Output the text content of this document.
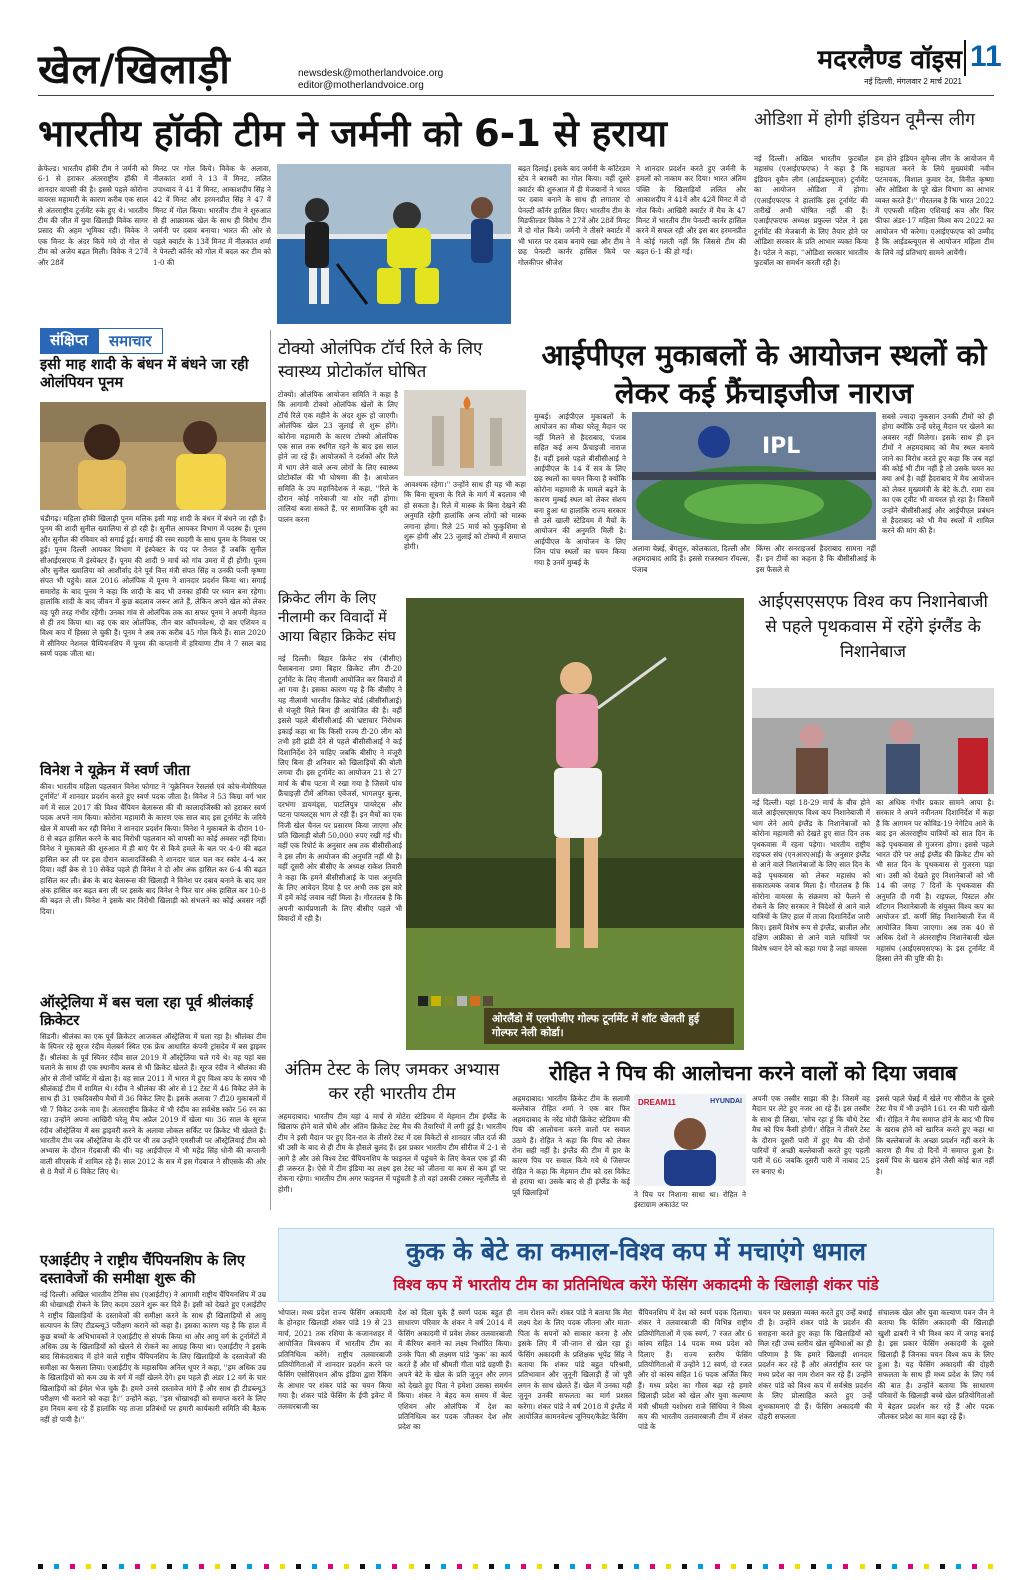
खेल/खिलाड़ी	newsdesk@motherlandvoice.org
editor@motherlandvoice.org
मदरलैण्ड वॉइस 11
नई दिल्ली, मंगलवार 2 मार्च 2021
भारतीय हॉकी टीम ने जर्मनी को 6-1 से हराया
क्रेफेल्ड। भारतीय हॉकी टीम ने जर्मनी को 6-1 से हराकर अंतरराष्ट्रीय हॉकी में शानदार वापसी की है। इससे पहले कोरोना वायरस महामारी के कारण करीब एक साल से अंतरराष्ट्रीय टूर्नामेंट रुके हुए थे। भारतीय टीम की जीत में युवा खिलाड़ी विवेक सागर प्रसाद की अहम भूमिका रही। विवेक ने एक मिनट के अंदर किये गये दो गोल से टीम को अजेय बढ़त मिली। विवेक ने 27वें और 28वें
मिनट पर गोल किये। विवेक के अलावा, नीलकांत शर्मा ने 13 वें मिनट, ललित उपाध्याय ने 41 वें मिनट, आकाशदीप सिंह ने 42 वें मिनट और हरमनप्रीत सिंह ने 47 वें मिनट में गोल किया। भारतीय टीम ने शुरुआत से ही आक्रामक खेल के साथ ही विरोध टीम जर्मनी पर दबाव बनाया। भारत की ओर से पहले क्वार्टर के 13वें मिनट में नीलकांत शर्मा ने पेनल्टी कॉर्नर को गोल में बदल कर टीम को 1-0 की
बढ़त दिलाई। इसके बाद जर्मनी के कॉटेरडम स्टेव ने बराबरी का गोल किया। वहीं दूसरे क्वार्टर की शुरुआत में ही मेजबानों ने भारत पर दबाव बनाने के साथ ही लगातार दो पेनल्टी कॉर्नर हासिल किए। भारतीय टीम के मिडफील्डर विवेक ने 27वें और 28वें मिनट में दो गोल किये। जर्मनी ने तीसरे क्वार्टर में भी भारत पर दबाव बनाये रखा और टीम ने छह पेनल्टी कार्नर हासिल किये पर गोलकीपर श्रीजेश
ने शानदार प्रदर्शन करते हुए जर्मनी के हमलों को नाकाम कर दिया। भारत अंतिम पंक्ति के खिलाड़ियों ललित और आकाशदीप ने 41वें और 42वें मिनट में दो गोल किये। आखिरी क्वार्टर में मैच के 47 मिनट में भारतीय टीम पेनल्टी कार्नर हासिल करने में सफल रही और इस बार हरमनप्रीत ने कोई गलती नहीं कि जिससे टीम की बढ़त 6-1 की हो गई।
ओडिशा में होगी इंडियन वूमैन्स लीग
नई दिल्ली। अखिल भारतीय फुटबॉल महासंघ (एआईएफएफ) ने कहा है कि इंडियन वूमैन लीग (आईडब्ल्यूएल) टूर्नामेंट का आयोजन ओडिशा में होगा। (एआईएफएफ ने हालांकि इस टूर्नामेंट की तारीखें अभी घोषित नहीं की हैं। एआईएफएफ अध्यक्ष प्रफुल्ल पटेल ने इस टूर्नामेंट की मेजबानी के लिए तैयार होने पर ओडिशा सरकार के प्रति आभार व्यक्त किया है। पटेल ने कहा, ''ओडिशा सरकार भारतीय फुटबॉल का समर्थन करती रही है।
हम होने इंडियन वूमैन्स लीग के आयोजन में सहायता करने के लिये मुख्यमंत्री नवीन पटनायक, विशाल कुमार देव, विनीत कृष्णा और ओडिशा के पूरे खेल विभाग का आभार व्यक्त करते हैं।'' गौरतलब है कि भारत 2022 में एएफसी महिला एशियाई कप और फिर फीफा अंडर-17 महिला विश्व कप 2022 का आयोजन भी करेगा। एआईएफएफ को उम्मीद है कि आईडब्ल्यूएल से आयोजन महिला टीम के लिये नई प्रतिभाएं सामने आयेंगी।
संक्षिप्त	समाचार
इसी माह शादी के बंधन में बंधने जा रही ओलंपियन पूनम
चंडीगढ़। महिला हॉकी खिलाड़ी पूनम मलिक इसी माह शादी के बंधन में बंधने जा रही हैं। पूनम की शादी सुनील ख्यालिया से हो रही है। सुनील आयकर विभाग में पदस्थ हैं। पूनम और सुनील की रविवार को सगाई हुई। सगाई की रस्म सादगी के साथ पूनम के निवास पर हुई। पूनम दिल्ली आयकर विभाग में इंस्पेक्टर के पद पर तैनात हैं जबकि सुनील सीआईएसएफ में इंस्पेक्टर हैं। पूनम की शादी 9 मार्च को गांव उमरा में ही होगी। पूनम और सुनील ख्यालिया को आशीर्वाद देने पूर्व वित्त मंत्री संपत सिंह व उनकी पत्नी कृष्णा संपत भी पहुंचे। साल 2016 ओलंपिक में पूनम ने शानदार प्रदर्शन किया था। सगाई समारोह के बाद पूनम ने कहा कि शादी के बाद भी उनका हॉकी पर ध्यान बना रहेगा। हालांकि शादी के बाद जीवन में कुछ बदलाव जरूर आते हैं, लेकिन अपने खेल को लेकर वह पूरी तरह गंभीर रहेंगी। उनका गांव से ओलंपिक तक का सफर पूनम ने अपनी मेहनत से ही तय किया था। वह एक बार ओलंपिक, तीन बार कॉमनवेल्थ, दो बार एशियन व विश्व कप में हिस्सा ले चुकी हैं। पूनम ने अब तक करीब 45 गोल किये हैं। साल 2020 में सीनियर नेशनल चैम्पियनशिप में पूनम की कप्तानी में हरियाणा टीम ने 7 साल बाद स्वर्ण पदक जीता था।
विनेश ने यूक्रेन में स्वर्ण जीता
कीव। भारतीय महिला पहलवान विनेश फोगाट ने 'यूक्रेनियन रेसलर्स एवं कोच-मेमोरियल टूर्नामेंट' में शानदार प्रदर्शन करते हुए स्वर्ण पदक जीता है। विनेश ने 53 किग्रा वर्ग भार वर्ग में साल 2017 की विश्व चैंपियन बेलारूस की वी कालादजिंस्की को हराकर स्वर्ण पदक अपने नाम किया। कोरोना महामारी के कारण एक साल बाद इस टूर्नामेंट के जरिये खेल में वापसी कर रही विनेश ने शानदार प्रदर्शन किया। विनेश ने मुकाबले के दौरान 10-8 से बढ़त हासिल करने के बाद विरोधी पहलवान को वापसी का कोई अवसर नहीं दिया। विनेश ने मुकाबले की शुरुआत में ही बाएं पैर से किये हमले के बल पर 4-0 की बढ़त हासिल कर ली पर इस दौरान कालादजिंस्की ने शानदार चाल चल कर स्कोर 4-4 कर दिया। वहीं ब्रेक से 10 सेकेंड पहले ही विनेश ने दो और अंक हासिल कर 6-4 की बढ़त हासिल कर ली। ब्रेक के बाद बेलारूस की खिलाड़ी ने विनेश पर दबाव बनाने के बाद चार अंक हासिल कर बढ़त बना ली पर इसके बाद विनेश ने फिर चार अंक हासिल कर 10-8 की बढ़त ले ली। विनेश ने इसके बार विरोधी खिलाड़ी को संभलने का कोई अवसर नहीं दिया।
ऑस्ट्रेलिया में बस चला रहा पूर्व श्रीलंकाई क्रिकेटर
सिडनी। श्रीलंका का एक पूर्व क्रिकेटर आजकल ऑस्ट्रेलिया में चला रहा है। श्रीलंका टीम के स्पिनर रहे सूरज रंदीव मेलबर्न स्थित एक फ्रेंच आधारित कंपनी ट्रांसदेव में बस ड्राइवर हैं। श्रीलंका के पूर्व स्पिनर रंदीव साल 2019 में ऑस्ट्रेलिया चले गये थे। वह यहां बस चलाने के साथ ही एक स्थानीय क्लब से भी क्रिकेट खेलते हैं। सूरज रंदीव ने श्रीलंका की ओर से तीनों फॉर्मेट में खेला है। वह साल 2011 में भारत में हुए विश्व कप के समय भी श्रीलंकाई टीम में शामिल थे। रंदीव ने श्रीलंका की ओर से 12 टेस्ट में 46 विकेट लेने के साथ ही 31 एकदिवसीय मैचों में 36 विकेट लिए हैं। इसके अलावा 7 टी20 मुकाबलों में भी 7 विकेट उनके नाम हैं। अंतरराष्ट्रीय क्रिकेट में भी रंदीव का सर्वश्रेष्ठ स्कोर 56 रन का रहा। उन्होंने अपना आखिरी घरेलू मैच अप्रैल 2019 में खेला था। 36 साल के सूरज रंदीव ऑस्ट्रेलिया में बस ड्राइवरी करने के अलावा लोकल सर्किट पर क्रिकेट भी खेलते हैं। भारतीय टीम जब ऑस्ट्रेलिया के दौरे पर थी तब उन्होंने एमसीजी पर ऑस्ट्रेलियाई टीम को अभ्यास के दौरान गेंदबाजी की थी। वह आईपीएल में भी महेंद्र सिंह धोनी की कप्तानी वाली सीएसके में शामिल रहे हैं। साल 2012 के सत्र में इस गेंदबाज ने सीएसके की ओर से 8 मैचों में 6 विकेट लिए थे।
एआईटीए ने राष्ट्रीय चैंपियनशिप के लिए दस्तावेजों की समीक्षा शुरू की
नई दिल्ली। अखिल भारतीय टेनिस संघ (एआईटीए) ने आगामी राष्ट्रीय चैंपियनशिप में उम्र की धोखाधड़ी रोकने के लिए कदम उठाने शुरू कर दिये हैं। इसी को देखते हुए एआईटीए ने राष्ट्रीय खिलाड़ियों के दस्तावेजों की समीक्षा करने के साथ ही खिलाड़ियों से आयु सत्यापन के लिए टीडब्ल्यू3 परीक्षण कराने को कहा है। इसका कारण यह है कि हाल में कुछ बच्चों के अभिभावकों ने एआईटीए से संपर्क किया था और आयु वर्ग के टूर्नामेंटों में अधिक उम्र के खिलाड़ियों को खेलने से रोकने का आग्रह किया था। एआईटीए ने इसके बाद सिकंदराबाद में होने वाले राष्ट्रीय चैंपियनशिप के लिए खिलाड़ियों के दस्तावेजों की समीक्षा का फैसला लिया। एआईटीए के महासचिव अनिल धूपर ने कहा, ''हम अधिक उम्र के खिलाड़ियों को कम उम्र के वर्ग में नहीं खेलने देंगे। हम पहले ही अंडर 12 वर्ग के चार खिलाड़ियों को ईमेल भेज चुके हैं। हमने उनसे दस्तावेज मांगे हैं और साथ ही टीडब्ल्यू3 परीक्षण भी कराने को कहा है।'' उन्होंने कहा, ''इस धोखाधड़ी को समाप्त करने के लिए हम नियम बना रहे हैं हालांकि यह ताजा प्रतिबंधों पर हमारी कार्यकारी समिति की बैठक नहीं हो पायी है।''
टोक्यो ओलंपिक टॉर्च रिले के लिए स्वास्थ्य प्रोटोकॉल घोषित
टोक्यो। ओलंपिक आयोजन समिति ने कहा है कि आगामी टोक्यो ओलंपिक खेलों के लिए टॉर्च रिले एक महीने के अंदर शुरू हो जाएगी। ओलंपिक खेल 23 जुलाई से शुरू होंगे। कोरोना महामारी के कारण टोक्यो ओलंपिक एक साल तक स्थगित रहने के बाद इस साल होने जा रहे हैं। आयोजकों ने दर्शकों और रिले में भाग लेने वाले अन्य लोगों के लिए स्वास्थ्य प्रोटोकॉल की भी घोषणा की है। आयोजन समिति के उप महानिदेशक ने कहा, ''रिले के दौरान कोई नारेबाजी या शोर नहीं होगा। तालियां बजा सकते हैं, पर सामाजिक दूरी का पालन करना
आवश्यक रहेगा।'' उन्होंने साथ ही यह भी कहा कि बिना सूचना के रिले के मार्ग में बदलाव भी हो सकता है। रिले में मास्क के बिना देखने की अनुमति रहेगी हालांकि अन्य लोगों को मास्क लगाना होगा। रिले 25 मार्च को फुकुशिमा से शुरू होगी और 23 जुलाई को टोक्यो में समाप्त होगी।
आईपीएल मुकाबलों के आयोजन स्थलों को लेकर कई फ्रैंचाइजीज नाराज
मुम्बई। आईपीएल मुकाबलों के आयोजन का मौका घरेलू मैदान पर नहीं मिलने से हैदराबाद, पंजाब सहित कई अन्य फ्रैंचाइजी नाराज हैं। वहीं इससे पहले बीसीसीआई ने आईपीएल के 14 वें सत्र के लिए छह स्थलों का चयन किया है क्योंकि कोरोना महामारी के मामले बढ़ने के कारण मुम्बई स्थल को लेकर संशय बना हुआ था हालांकि राज्य सरकार से उसे खाली स्टेडियम में मैचों के आयोजन की अनुमति मिली है। आईपीएल के आयोजन के लिए जिन पांच स्थलों का चयन किया गया है उनमें मुम्बई के
IPL
अलावा चेन्नई, बेंगलुरु, कोलकाता, दिल्ली और अहमदाबाद आदि हैं। इससे राजस्थान रॉयल्स, पंजाब
किंग्स और सनराइजर्स हैदराबाद सामना नहीं हैं। इन टीमों का कहना है कि बीसीसीआई के इस फैसले से
सबसे ज्यादा नुकसान उनकी टीमों को ही होगा क्योंकि उन्हें घरेलू मैदान पर खेलने का अवसर नहीं मिलेगा। इसके साथ ही इन टीमों ने अहमदाबाद को मैच स्थल बनाये जाने का विरोध करते हुए कहा कि जब वहां की कोई भी टीम नहीं है तो उसके चयन का क्या अर्थ है। वहीं हैदराबाद में मैच आयोजन को लेकर मुख्यमंत्री के बेटे के.टी. रामा राव का एक ट्वीट भी वायरल हो रहा है। जिसमें उन्होंने बीसीसीआई और आईपीएल प्रबंधन से हैदराबाद को भी मैच स्थलों में शामिल करने की मांग की है।
क्रिकेट लीग के लिए नीलामी कर विवादों में आया बिहार क्रिकेट संघ
नई दिल्ली। बिहार क्रिकेट संघ (बीसीए) पैसाबनाना प्रणा बिहार क्रिकेट लीग टी-20 टूर्नामेंट के लिए नीलामी आयोजित कर विवादों में आ गया है। इसका कारण यह है कि बीसीए ने यह नीलामी भारतीय क्रिकेट बोर्ड (बीसीसीआई) से मंजूरी मिले बिना ही आयोजित की है। वहीं इससे पहले बीसीसीआई की भ्रष्टाचार निरोधक इकाई कहा था कि किसी राज्य टी-20 लीग को तभी हरी झंडी देने से पहले बीसीसीआई ने कई दिशानिर्देश देने चाहिए जबकि बीसीए ने मंजूरी लिए बिना ही शनिवार को खिलाड़ियों की बोली लगवा दी। इस टूर्नामेंट का आयोजन 21 से 27 मार्च के बीच पटना में रखा गया है जिसमें पांच फ्रैंचाइज़ी टीमें अंगिका एवेंजर्स, भागलपुर बुल्स, दरभंगा डायमंड्स, पाटलिपुत्र पायरेट्स और पटना पायलट्स भाग ले रही हैं। इन मैचों का एक निजी खेल चैनल पर प्रसारण किया जाएगा और प्रति खिलाड़ी बोली 50,000 रुपए रखी गई थी। वहीं एक रिपोर्ट के अनुसार अब तक बीसीसीआई ने इस लीग के आयोजन की अनुमति नहीं थी है। वहीं दूसरी ओर बीसीए के अध्यक्ष राकेश तिवारी ने कहा कि हमने बीसीसीआई के पास अनुमति के लिए आवेदन दिया है पर अभी तक इस बारे में हमें कोई जवाब नहीं मिला है। गौरतलब है कि अपनी कार्यप्रणाली के लिए बीसीए पहले भी विवादों में रही है।
ओरलैंडो में एलपीजीए गोल्फ टूर्नामेंट में शॉट खेलती हुई गोल्फर नेली कोर्डा।
आईएसएसएफ विश्व कप निशानेबाजी से पहले पृथकवास में रहेंगे इंग्लैंड के निशानेबाज
नई दिल्ली। यहां 18-29 मार्च के बीच होने वाले आईएसएसएफ विश्व कप निशानेबाजी में भाग लेने आये इंग्लैंड के निशानेबाजों को कोरोना महामारी को देखते हुए सात दिन तक पृथकवास में रहना पड़ेगा। भारतीय राष्ट्रीय राइफल संघ (एनआरएआई) के अनुसार इंग्लैंड से आने वाले निशानेबाजों के लिए सात दिन के कड़े पृथकवास को लेकर महासंघ को सकारात्मक जवाब मिला है। गौरतलब है कि कोरोना वायरस के संक्रमण को फैलने से रोकने के लिए सरकार ने विदेशों से आने वाले यात्रियों के लिए हाल में ताजा दिशानिर्देश जारी किए। इसमें विशेष रूप से इंग्लैंड, ब्राजील और दक्षिण अफ्रीका से आने वाले यात्रियों पर विशेष ध्यान देने को कहा गया है जहां वायरस
का अधिक गंभीर प्रकार सामने आया है। सरकार ने अपने नवीनतम दिशानिर्देश में कहा है कि आगमन पर कोविड-19 नेगेटिव आने के बाद इन अंतरराष्ट्रीय यात्रियों को सात दिन के कड़े पृथकवास से गुजरना होगा। इससे पहले भारत दौरे पर आई इंग्लैंड की क्रिकेट टीम को भी सात दिन के पृथकवास से गुजरना पड़ा था। उसी को देखते हुए निशानेबाजों को भी 14 की जगह 7 दिनों के पृथकवास की अनुमति दी गयी है। राइफल, पिस्टल और शॉटगन निशानेबाजी के संयुक्त विश्व कप का आयोजन डॉ. कर्णी सिंह निशानेबाजी रेंज में आयोजित किया जाएगा। अब तक 40 से अधिक देशों ने अंतरराष्ट्रीय निशानेबाजी खेल महासंघ (आईएसएसएफ) के इस टूर्नामेंट में हिस्सा लेने की पुष्टि की है।
अंतिम टेस्ट के लिए जमकर अभ्यास कर रही भारतीय टीम
अहमदाबाद। भारतीय टीम यहां 4 मार्च से मोटेरा स्टेडियम में मेहमान टीम इंग्लैंड के खिलाफ होने वाले चौथे और अंतिम क्रिकेट टेस्ट मैच की तैयारियों में लगी हुई है। भारतीय टीम ने इसी मैदान पर हुए दिन-रात के तीसरे टेस्ट में दस विकेटों से शानदार जीत दर्ज की थी उसी के बाद से ही टीम के हौसले बुलंद हैं। इस प्रकार भारतीय टीम सीरीज में 2-1 से आगे है और उसे विश्व टेस्ट चैंपियनशिप के फाइनल में पहुंचने के लिए केवल एक ड्रॉ की ही जरूरत है। ऐसे में टीम इंडिया का लक्ष्य इस टेस्ट को जीतना या कम से कम ड्रॉ पर रोकना रहेगा। भारतीय टीम अगर फाइनल में पहुंचती है तो वहां उसकी टक्कर न्यूजीलैंड से होगी।
रोहित ने पिच की आलोचना करने वालों को दिया जवाब
अहमदाबाद। भारतीय क्रिकेट टीम के सलामी बल्लेबाज रोहित शर्मा ने एक बार फिर अहमदाबाद के नरेंद्र मोदी क्रिकेट स्टेडियम की पिच की आलोचना करने वालों पर सवाल उठाये हैं। रोहित ने कहा कि पिच को लेकर रोना सही नहीं है। इंग्लैंड की टीम में हार के कारण पिच पर सवाल किये गये थे जिसपर रोहित ने कहा कि मेहमान टीम को दस विकेट से हराया था। उसके बाद से ही इंग्लैंड के कई पूर्व खिलाड़ियों
DREAM11	HYUNDAI
ने पिच पर निशाना साधा था। रोहित ने इंस्टाग्राम अकाउंट पर
अपनी एक तस्वीर साझा की है। जिसमें वह मैदान पर लेटे हुए नजर आ रहे हैं। इस तस्वीर के साथ ही लिखा, 'सोच रहा हूं कि चौथे टेस्ट मैच को पिच कैसी होगी।' रोहित ने तीसरे टेस्ट के दौरान दूसरी पारी में हुए मैच की दोनों पारियों में अच्छी बल्लेबाजी करते हुए पहली पारी में 66 जबकि दूसरी पारी में नाबाद 25 रन बनाए थे।
इससे पहले चेन्नई में खेले गए सीरीज के दूसरे टेस्ट मैच में भी उन्होंने 161 रन की पारी खेली थी। रोहित ने मैच समाप्त होने के बाद भी पिच के खराब होने को खारिज करते हुए कहा था कि बल्लेबाजों के अच्छा प्रदर्शन नहीं करने के कारण ही मैच दो दिनों में समाप्त हुआ है। इसमें पिच के खराब होने जैसी कोई बात नहीं है।
कुक के बेटे का कमाल-विश्व कप में मचाएंगे धमाल
विश्व कप में भारतीय टीम का प्रतिनिधित्व करेंगे फेंसिंग अकादमी के खिलाड़ी शंकर पांडे
भोपाल। मध्य प्रदेश राज्य फेंसिंग अकादमी के होनहार खिलाड़ी शंकर पांडे 19 से 23 मार्च, 2021 तक रशिया के कजानशहर में आयोजित विश्वकप में भारतीय टीम का प्रतिनिधित्व करेंगे। राष्ट्रीय तलवारबाजी प्रतियोगिताओं में शानदार प्रदर्शन करने पर फेंसिंग एसोसिएशन ऑफ इंडिया द्वारा रैंकिंग के आधार पर शंकर पांडे का चयन किया गया है। शंकर पांडे फेंसिंग के ईपी इवेन्ट में तलवारबाजी का
देश को दिला चुके हैं स्वर्ण पदक बहुत ही साधारण परिवार के शंकर ने वर्ष 2014 में फेंसिंग अकादमी में प्रवेश लेकर तलवारबाजी में कॅरियर बनाने का लक्ष्य निर्धारित किया। उनके पिता श्री लक्ष्मण पांडे 'कुक' का कार्य करते हैं और माँ श्रीमती गीता पांडे ग्रहणी हैं। अपने बेटे के खेल के प्रति जुनून और लगन को देखते हुए पिता ने हमेशा उसका समर्थन किया। शंकर ने बेहद कम समय में बेल्ट एशियन और ओलंपिक में देश का प्रतिनिधित्व कर पदक जीतकर देश और प्रदेश का
नाम रोशन करें। शंकर पांडे ने बताया कि मेरा लक्ष्य देश के लिए पदक जीतना और माता-पिता के सपनों को साकार करना है और इसके लिए मैं जी-जान से खेल रहा हूं। फेंसिंग अकादमी के प्रशिक्षक भूपेंद्र सिंह ने बताया कि शंकर पांडे बहुत परिश्रमी, प्रतिभावान और जुनूनी खिलाड़ी हैं जो पूरी लगन के साथ खेलते हैं। खेल में उनका यही जुनून उनकी सफलता का मार्ग प्रशस्त करेगा। शंकर पांडे ने वर्ष 2018 में इंग्लैंड में आयोजित कामनवेल्थ जूनियर/कैडेट फेंसिंग
चैंपियनशिप में देश को स्वर्ण पदक दिलाया। शंकर ने तलवारबाजी की विभिन्न राष्ट्रीय प्रतियोगिताओं में एक स्वर्ण, 7 रजत और 6 कांस्य सहित 14 पदक मध्य प्रदेश को दिलाए हैं। राज्य स्तरीय फेंसिंग प्रतियोगिताओं में उन्होंने 12 स्वर्ण, दो रजत और दो कांस्य सहित 16 पदक अर्जित किए हैं। मध्य प्रदेश का गौरव बढ़ा रहे हमारे खिलाड़ी प्रदेश को खेल और युवा कल्याण मंत्री श्रीमती यशोधरा राजे सिंधिया ने विश्व कप की भारतीय तलवारबाजी टीम में शंकर पांडे के
चयन पर प्रसन्नता व्यक्त करते हुए उन्हें बधाई दी है। उन्होंने शंकर पांडे के प्रदर्शन की सराहना करते हुए कहा कि खिलाड़ियों को मिल रही उच्च स्तरीय खेल सुविधाओं का ही परिणाम है कि हमारे खिलाड़ी शानदार प्रदर्शन कर रहे हैं और अंतर्राष्ट्रीय स्तर पर मध्य प्रदेश का नाम रोशन कर रहे हैं। उन्होंने शंकर पांडे को विश्व कप में सर्वश्रेष्ठ प्रदर्शन के लिए प्रोत्साहित करते हुए उन्हें शुभकामनाएं दी हैं। फेंसिंग अकादमी की दोहरी सफलता
संचालक खेल और युवा कल्याण पवन जैन ने बताया कि फेंसिंग अकादमी की खिलाड़ी खुशी ढाबरी ने भी विश्व कप में जगह बनाई है। इस प्रकार फेंसिंग अकादमी के दूसरे खिलाड़ी हैं जिनका चयन विश्व कप के लिए हुआ है। यह फेंसिंग अकादमी की दोहरी सफलता के साथ ही मध्य प्रदेश के लिए गर्व की बात है। उन्होंने बताया कि साधारण परिवारों के खिलाड़ी बच्चे खेल प्रतियोगिताओं में बेहतर प्रदर्शन कर रहे हैं और पदक जीतकर प्रदेश का मान बढ़ा रहे हैं।
